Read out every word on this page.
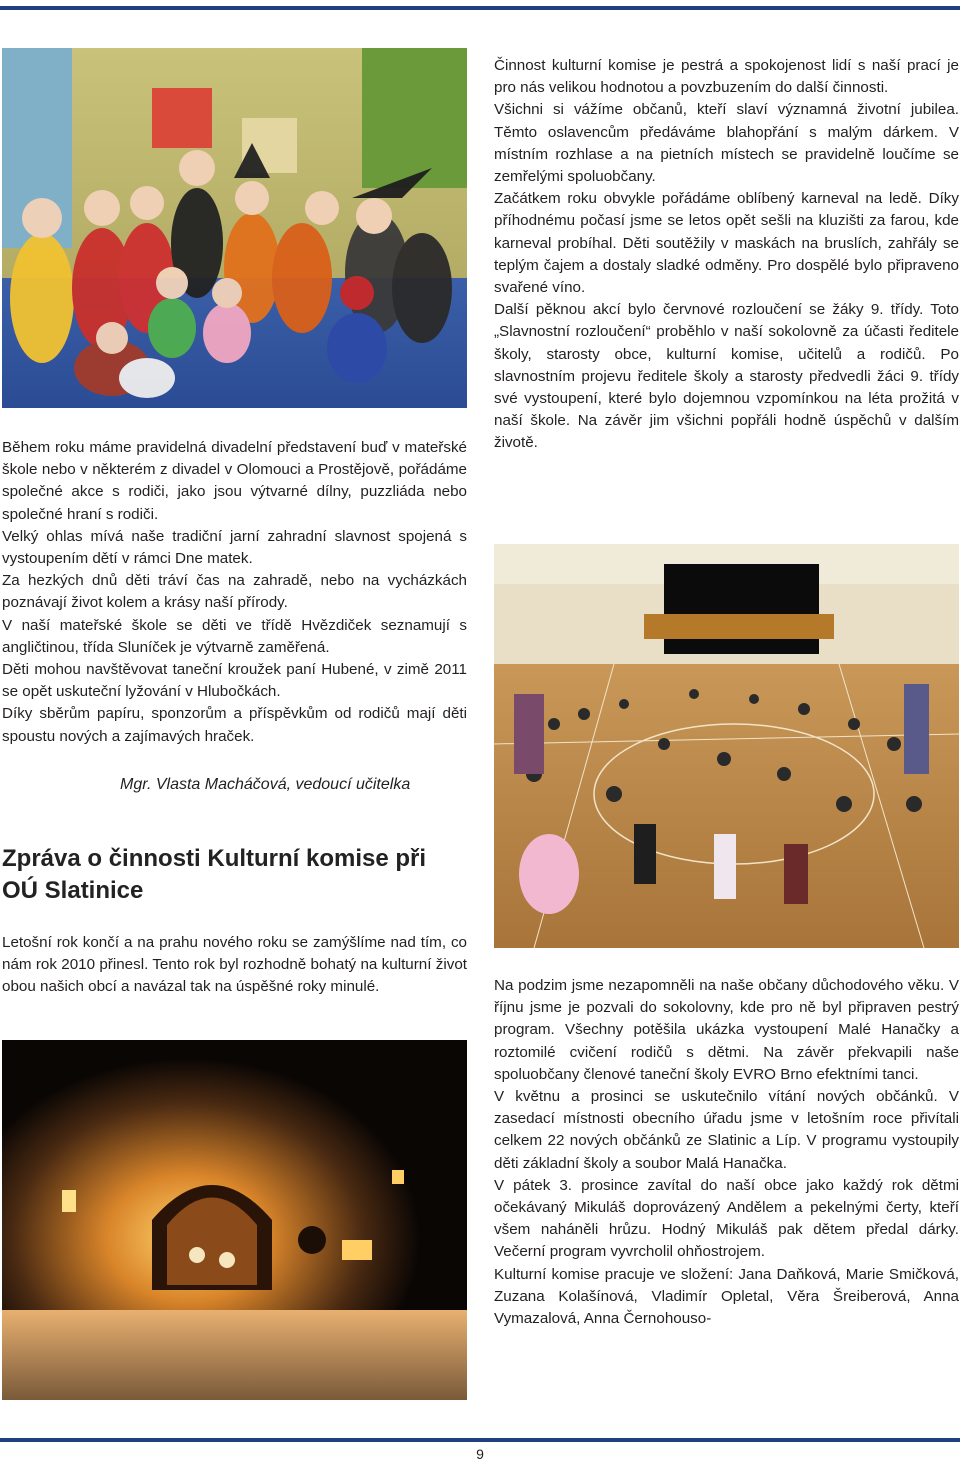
Během roku máme pravidelná divadelní představení buď v mateřské škole nebo v některém z divadel v Olomouci a Prostějově, pořádáme společné akce s rodiči, jako jsou výtvarné dílny, puzzliáda nebo společné hraní s rodiči.

Velký ohlas mívá naše tradiční jarní zahradní slavnost spojená s vystoupením dětí v rámci Dne matek.

Za hezkých dnů děti tráví čas na zahradě, nebo na vycházkách poznávají život kolem a krásy naší přírody.

V naší mateřské škole se děti ve třídě Hvězdiček seznamují s angličtinou, třída Sluníček je výtvarně zaměřená.

Děti mohou navštěvovat taneční kroužek paní Hubené, v zimě 2011 se opět uskuteční lyžování v Hlubočkách.

Díky sběrům papíru, sponzorům a příspěvkům od rodičů mají děti spoustu nových a zajímavých hraček.

Mgr. Vlasta Macháčová, vedoucí učitelka
Zpráva o činnosti Kulturní komise při OÚ Slatinice

Letošní rok končí a na prahu nového roku se zamýšlíme nad tím, co nám rok 2010 přinesl. Tento rok byl rozhodně bohatý na kulturní život obou našich obcí a navázal tak na úspěšné roky minulé.

Činnost kulturní komise je pestrá a spokojenost lidí s naší prací je pro nás velikou hodnotou a povzbuzením do další činnosti.

Všichni si vážíme občanů, kteří slaví významná životní jubilea. Těmto oslavencům předáváme blahopřání s malým dárkem. V místním rozhlase a na pietních místech se pravidelně loučíme se zemřelými spoluobčany.

Začátkem roku obvykle pořádáme oblíbený karneval na ledě. Díky příhodnému počasí jsme se letos opět sešli na kluzišti za farou, kde karneval probíhal. Děti soutěžily v maskách na bruslích, zahřály se teplým čajem a dostaly sladké odměny. Pro dospělé bylo připraveno svařené víno.

Další pěknou akcí bylo červnové rozloučení se žáky 9. třídy. Toto „Slavnostní rozloučení“ proběhlo v naší sokolovně za účasti ředitele školy, starosty obce, kulturní komise, učitelů a rodičů. Po slavnostním projevu ředitele školy a starosty předvedli žáci 9. třídy své vystoupení, které bylo dojemnou vzpomínkou na léta prožitá v naší škole. Na závěr jim všichni popřáli hodně úspěchů v dalším životě.

Na podzim jsme nezapomněli na naše občany důchodového věku. V říjnu jsme je pozvali do sokolovny, kde pro ně byl připraven pestrý program. Všechny potěšila ukázka vystoupení Malé Hanačky a roztomilé cvičení rodičů s dětmi. Na závěr překvapili naše spoluobčany členové taneční školy EVRO Brno efektními tanci.

V květnu a prosinci se uskutečnilo vítání nových občánků. V zasedací místnosti obecního úřadu jsme v letošním roce přivítali celkem 22 nových občánků ze Slatinic a Líp. V programu vystoupily děti základní školy a soubor Malá Hanačka.

V pátek 3. prosince zavítal do naší obce jako každý rok dětmi očekávaný Mikuláš doprovázený Andělem a pekelnými čerty, kteří všem naháněli hrůzu. Hodný Mikuláš pak dětem předal dárky. Večerní program vyvrcholil ohňostrojem.

Kulturní komise pracuje ve složení: Jana Daňková, Marie Smičková, Zuzana Kolašínová, Vladimír Opletal, Věra Šreiberová, Anna Vymazalová, Anna Černohouso-

9
